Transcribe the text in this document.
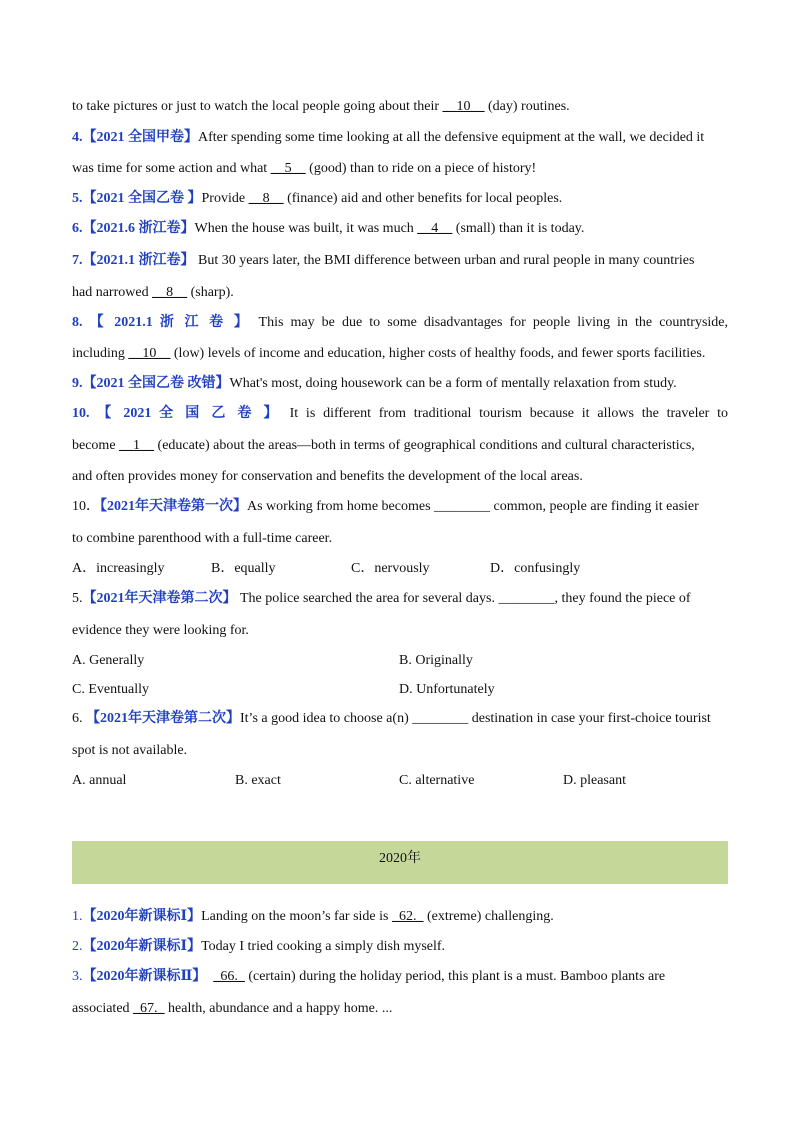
to take pictures or just to watch the local people going about their __10__ (day) routines.
4.【2021 全国甲卷】After spending some time looking at all the defensive equipment at the wall, we decided it
was time for some action and what __5__ (good) than to ride on a piece of history!
5.【2021 全国乙卷 】Provide __8__ (finance) aid and other benefits for local peoples.
6.【2021.6 浙江卷】When the house was built, it was much __4__ (small) than it is today.
7.【2021.1 浙江卷】 But 30 years later, the BMI difference between urban and rural people in many countries
had narrowed __8__ (sharp).
8. 【 2021.1 浙 江 卷 】 This may be due to some disadvantages for people living in the countryside,
including __10__ (low) levels of income and education, higher costs of healthy foods, and fewer sports facilities.
9.【2021 全国乙卷 改错】What's most, doing housework can be a form of mentally relaxation from study.
10. 【 2021 全 国 乙 卷 】 It is different from traditional tourism because it allows the traveler to
become __1__ (educate) about the areas—both in terms of geographical conditions and cultural characteristics,
and often provides money for conservation and benefits the development of the local areas.
10．【2021年天津卷第一次】As working from home becomes ________ common, people are finding it easier
to combine parenthood with a full-time career.
A．increasingly	B．equally	C．nervously	D．confusingly
5.【2021年天津卷第二次】 The police searched the area for several days. ________, they found the piece of
evidence they were looking for.
A. Generally	B. Originally
C. Eventually	D. Unfortunately
6. 【2021年天津卷第二次】It’s a good idea to choose a(n) ________ destination in case your first-choice tourist
spot is not available.
A. annual	B. exact	C. alternative	D. pleasant
2020年
1.【2020年新课标Ⅰ】Landing on the moon’s far side is _62._ (extreme) challenging.
2.【2020年新课标Ⅰ】Today I tried cooking a simply dish myself.
3.【2020年新课标Ⅱ】 _66._ (certain) during the holiday period, this plant is a must. Bamboo plants are
associated _67._ health, abundance and a happy home. ...
